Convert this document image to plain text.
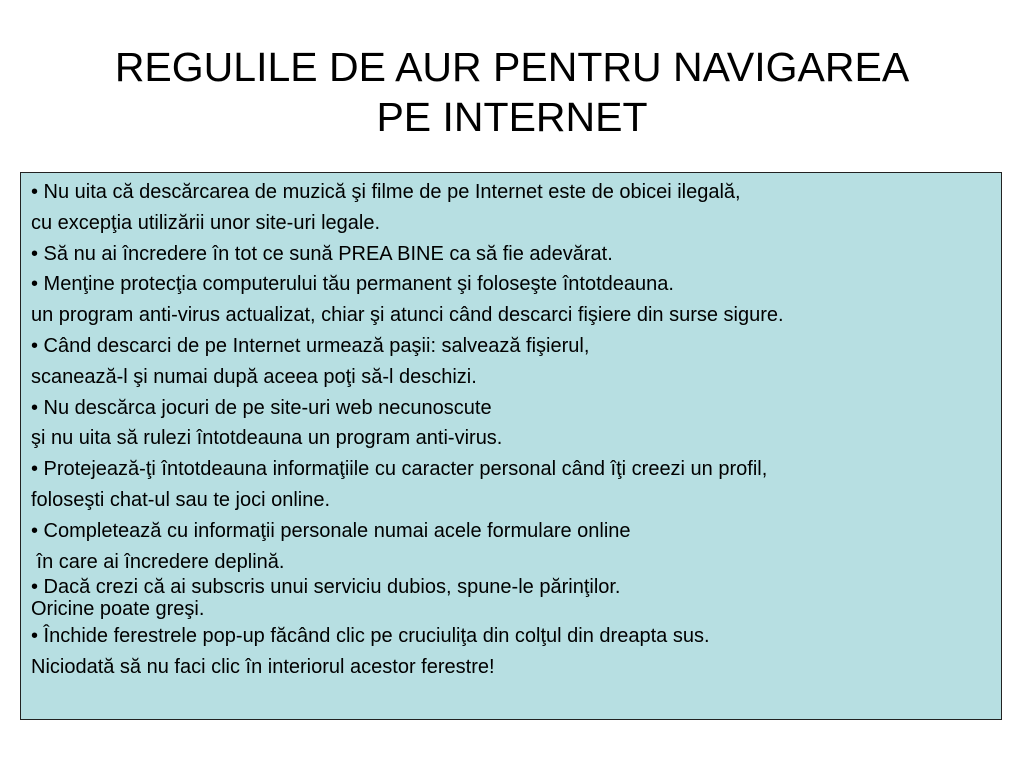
REGULILE DE AUR PENTRU NAVIGAREA
PE INTERNET

• Nu uita că descărcarea de muzică şi filme de pe Internet este de obicei ilegală,

cu excepţia utilizării unor site-uri legale.

• Să nu ai încredere în tot ce sună PREA BINE ca să fie adevărat.

• Menţine protecţia computerului tău permanent şi foloseşte întotdeauna.

un program anti-virus actualizat, chiar şi atunci când descarci fişiere din surse sigure.

• Când descarci de pe Internet urmează paşii: salvează fişierul,

scanează-l şi numai după aceea poţi să-l deschizi.

• Nu descărca jocuri de pe site-uri web necunoscute

şi nu uita să rulezi întotdeauna un program anti-virus.

• Protejează-ţi întotdeauna informaţiile cu caracter personal când îţi creezi un profil,

foloseşti chat-ul sau te joci online.

• Completează cu informaţii personale numai acele formulare online

în care ai încredere deplină.

• Dacă crezi că ai subscris unui serviciu dubios, spune-le părinţilor.

Oricine poate greşi.

• Închide ferestrele pop-up făcând clic pe cruciuliţa din colţul din dreapta sus.

Niciodată să nu faci clic în interiorul acestor ferestre!
